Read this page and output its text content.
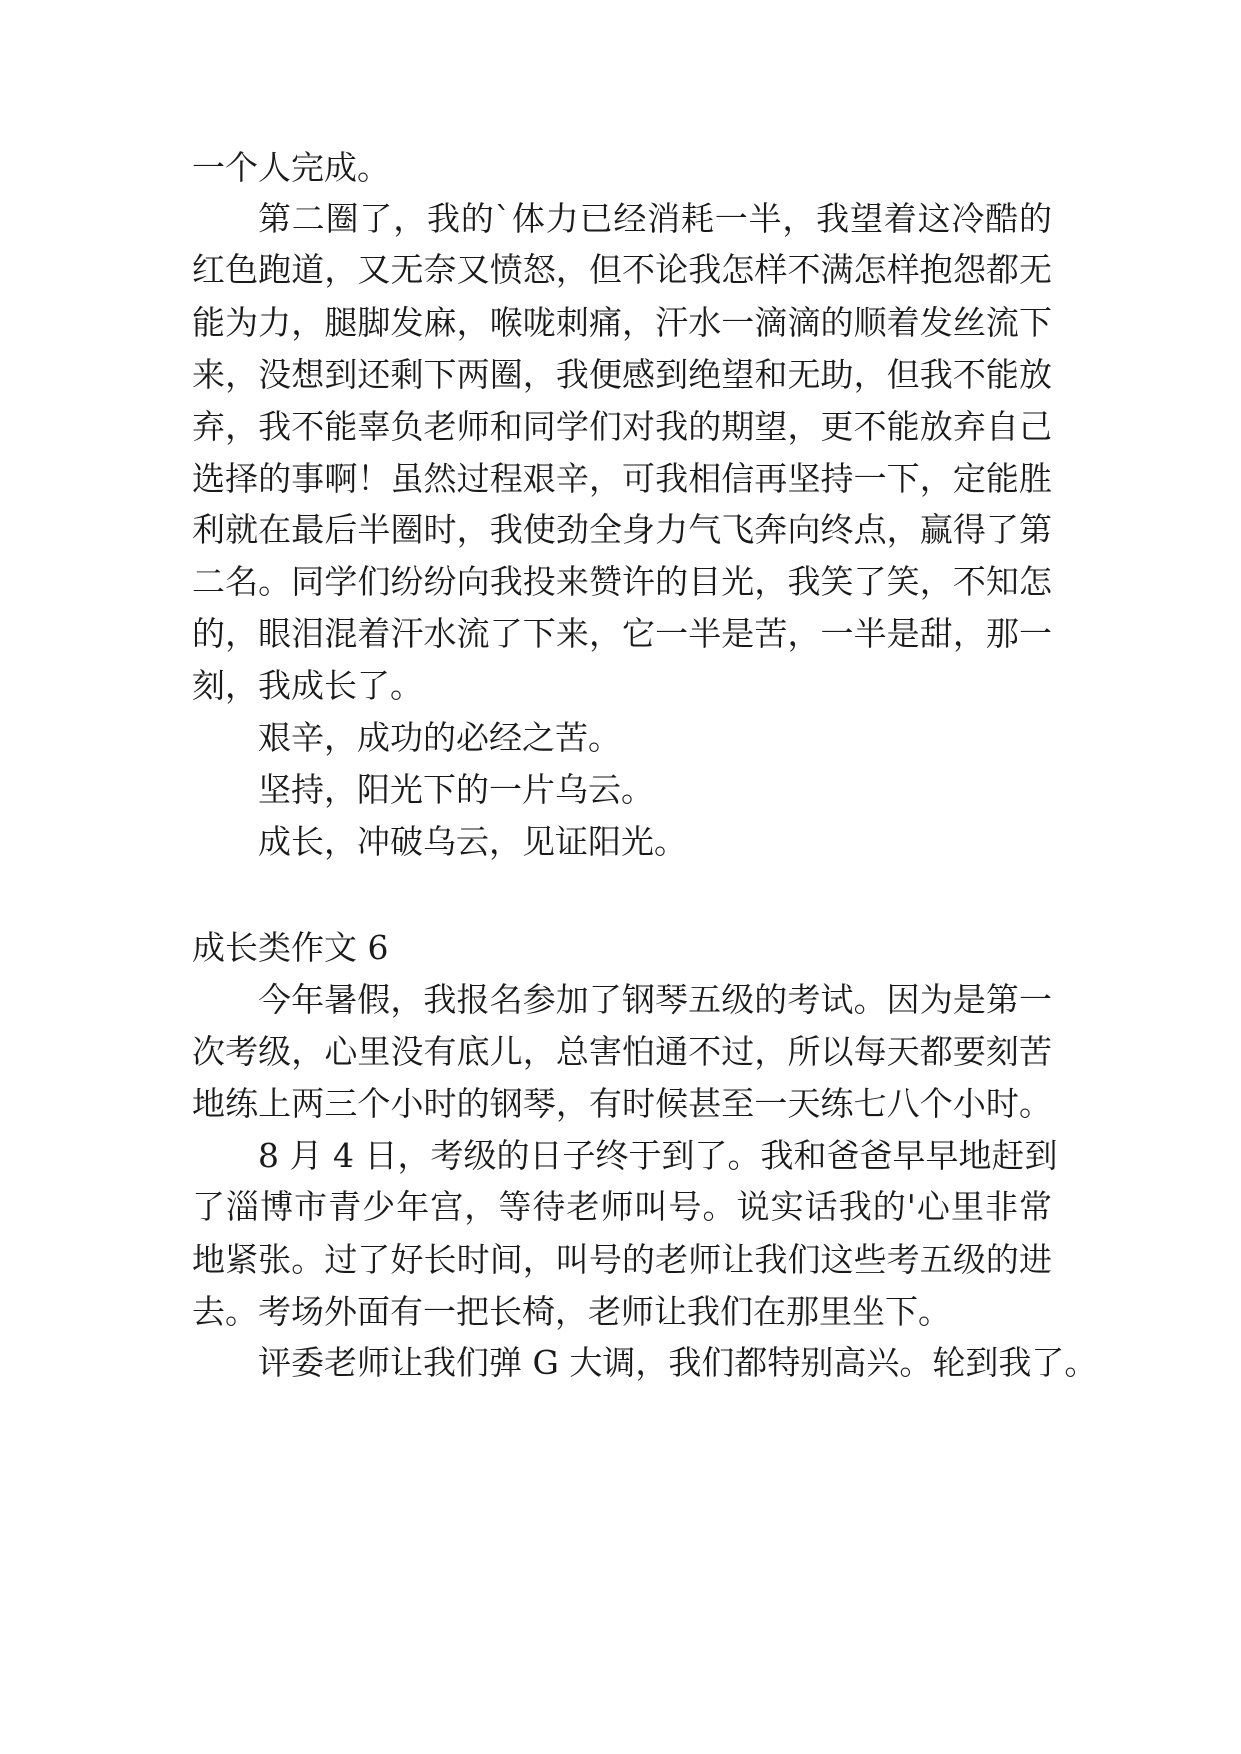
一个人完成。

第二圈了，我的`体力已经消耗一半，我望着这冷酷的

红色跑道，又无奈又愤怒，但不论我怎样不满怎样抱怨都无

能为力，腿脚发麻，喉咙刺痛，汗水一滴滴的顺着发丝流下

来，没想到还剩下两圈，我便感到绝望和无助，但我不能放

弃，我不能辜负老师和同学们对我的期望，更不能放弃自己

选择的事啊！虽然过程艰辛，可我相信再坚持一下，定能胜

利就在最后半圈时，我使劲全身力气飞奔向终点，赢得了第

二名。同学们纷纷向我投来赞许的目光，我笑了笑，不知怎

的，眼泪混着汗水流了下来，它一半是苦，一半是甜，那一

刻，我成长了。

艰辛，成功的必经之苦。

坚持，阳光下的一片乌云。

成长，冲破乌云，见证阳光。

成长类作文 6

今年暑假，我报名参加了钢琴五级的考试。因为是第一

次考级，心里没有底儿，总害怕通不过，所以每天都要刻苦

地练上两三个小时的钢琴，有时候甚至一天练七八个小时。

8 月 4 日，考级的日子终于到了。我和爸爸早早地赶到

了淄博市青少年宫，等待老师叫号。说实话我的'心里非常

地紧张。过了好长时间，叫号的老师让我们这些考五级的进

去。考场外面有一把长椅，老师让我们在那里坐下。

评委老师让我们弹 G 大调，我们都特别高兴。轮到我了。
